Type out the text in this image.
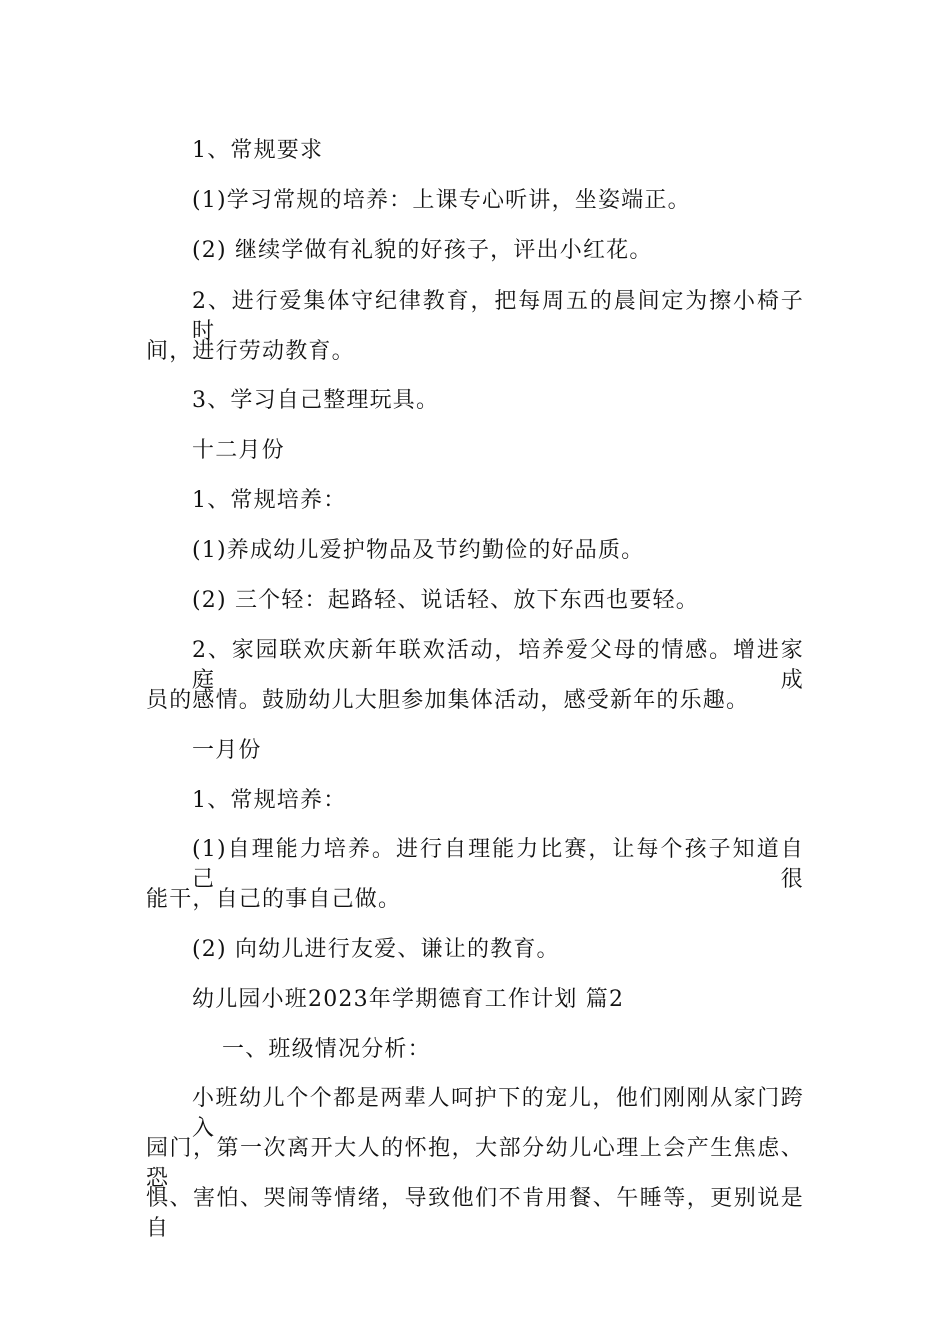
1、常规要求
(1)学习常规的培养：上课专心听讲，坐姿端正。
(2) 继续学做有礼貌的好孩子，评出小红花。
2、进行爱集体守纪律教育，把每周五的晨间定为擦小椅子时
间，进行劳动教育。
3、学习自己整理玩具。
十二月份
1、常规培养：
(1)养成幼儿爱护物品及节约勤俭的好品质。
(2) 三个轻：起路轻、说话轻、放下东西也要轻。
2、家园联欢庆新年联欢活动，培养爱父母的情感。增进家庭成
员的感情。鼓励幼儿大胆参加集体活动，感受新年的乐趣。
一月份
1、常规培养：
(1)自理能力培养。进行自理能力比赛，让每个孩子知道自己很
能干，自己的事自己做。
(2) 向幼儿进行友爱、谦让的教育。
幼儿园小班2023年学期德育工作计划 篇2
一、班级情况分析：
小班幼儿个个都是两辈人呵护下的宠儿，他们刚刚从家门跨入
园门，第一次离开大人的怀抱，大部分幼儿心理上会产生焦虑、恐
惧、害怕、哭闹等情绪，导致他们不肯用餐、午睡等，更别说是自
